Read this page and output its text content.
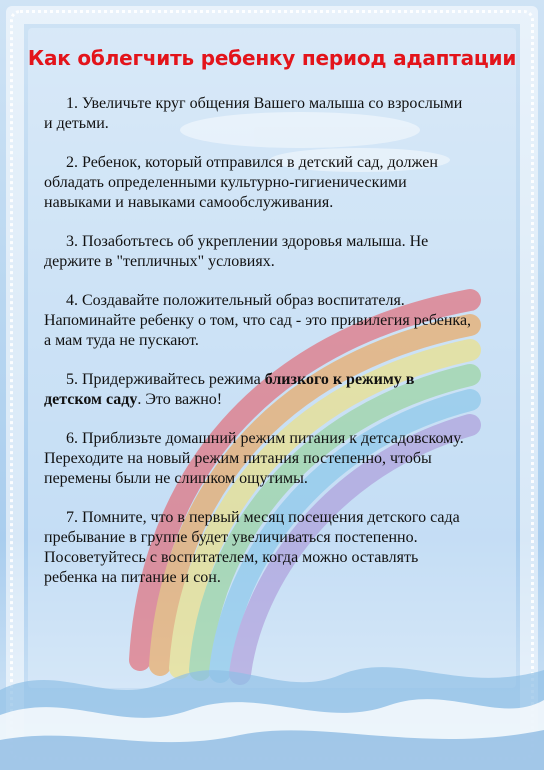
Как облегчить ребенку период адаптации

1. Увеличьте круг общения Вашего малыша со взрослыми и детьми.

2. Ребенок, который отправился в детский сад, должен обладать определенными культурно-гигиеническими навыками и навыками самообслуживания.

3. Позаботьтесь об укреплении здоровья малыша. Не держите в "тепличных" условиях.

4. Создавайте положительный образ воспитателя. Напоминайте ребенку о том, что сад - это привилегия ребенка, а мам туда не пускают.

5. Придерживайтесь режима близкого к режиму в детском саду. Это важно!

6. Приблизьте домашний режим питания к детсадовскому. Переходите на новый режим питания постепенно, чтобы перемены были не слишком ощутимы.

7. Помните, что в первый месяц посещения детского сада пребывание в группе будет увеличиваться постепенно. Посоветуйтесь с воспитателем, когда можно оставлять ребенка на питание и сон.
